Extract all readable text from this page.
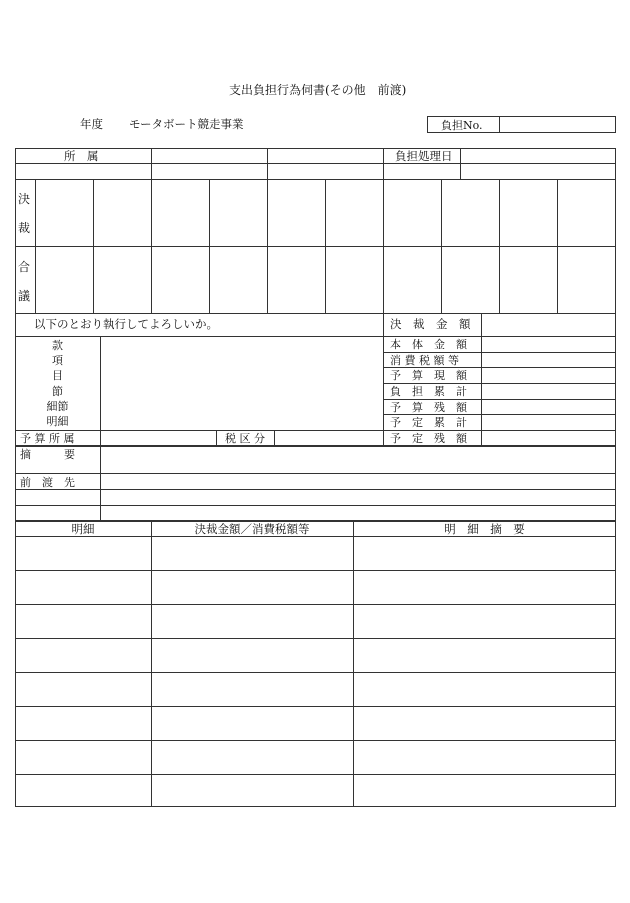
支出負担行為伺書(その他　前渡)
年度 モータボート競走事業	負担No.
所　属	負担処理日
決
裁
合
議
以下のとおり執行してよろしいか。	決　裁　金　額
本　体　金　額
消 費 税 額 等
予　算　現　額
負　担　累　計
予　算　残　額
予　定　累　計
予　定　残　額
款
項
目
節
細節
明細
予 算 所 属	税 区 分
摘　　　要
前　渡　先
明細	決裁金額／消費税額等	明　細　摘　要
